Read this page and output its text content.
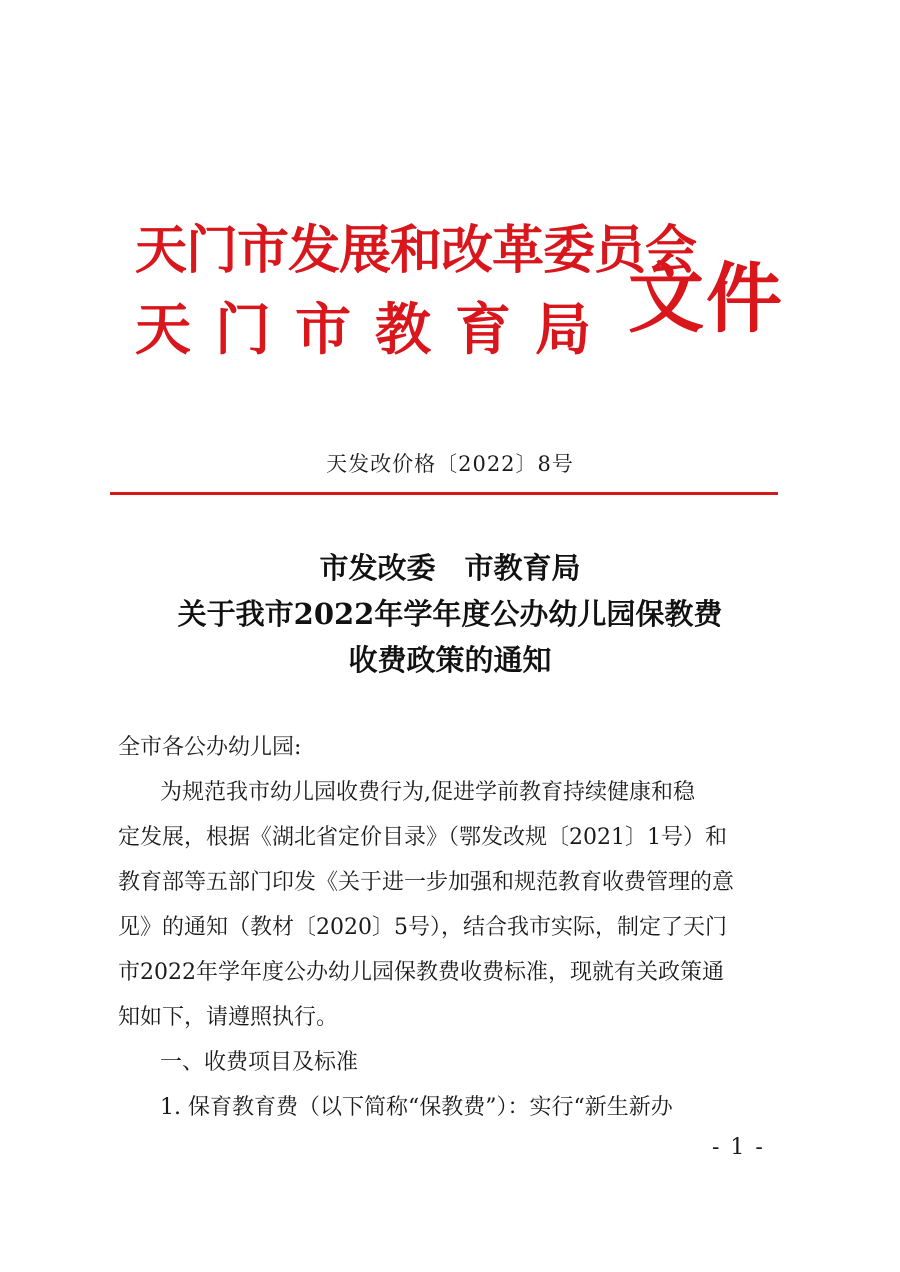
天门市发展和改革委员会
天门市教育局 文件
天发改价格〔2022〕8号
市发改委　市教育局
关于我市2022年学年度公办幼儿园保教费
收费政策的通知
全市各公办幼儿园:
为规范我市幼儿园收费行为,促进学前教育持续健康和稳
定发展，根据《湖北省定价目录》（鄂发改规〔2021〕1号）和
教育部等五部门印发《关于进一步加强和规范教育收费管理的意
见》的通知（教材〔2020〕5号），结合我市实际，制定了天门
市2022年学年度公办幼儿园保教费收费标准，现就有关政策通
知如下，请遵照执行。
一、收费项目及标准
1. 保育教育费（以下简称“保教费”）：实行“新生新办
- 1 -
